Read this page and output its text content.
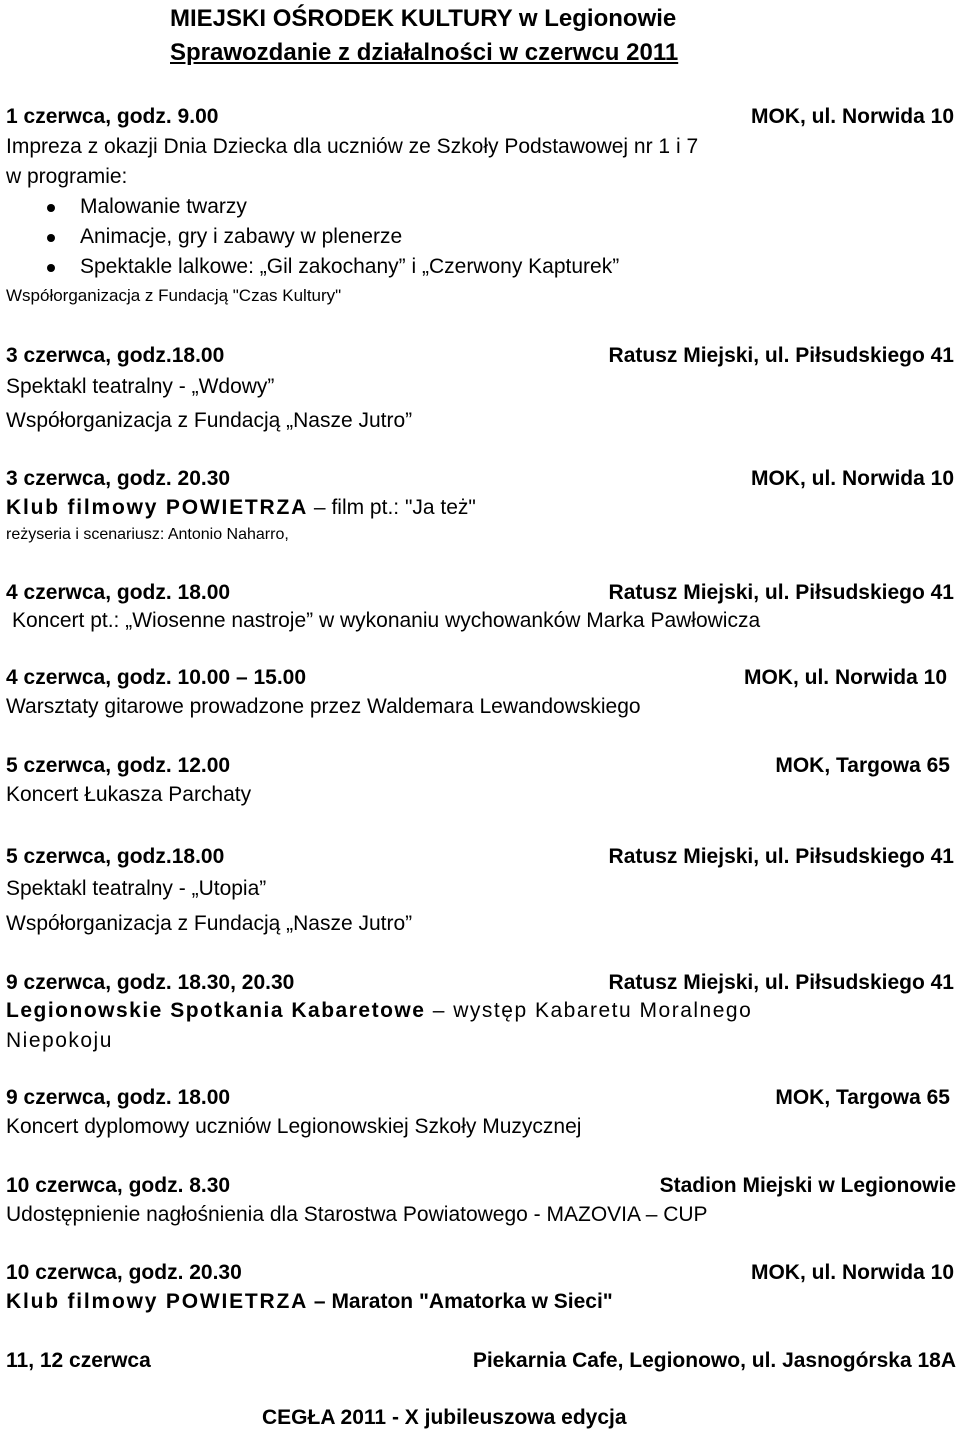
MIEJSKI OŚRODEK KULTURY w Legionowie
Sprawozdanie z działalności w czerwcu 2011
1 czerwca, godz. 9.00	MOK, ul. Norwida 10
Impreza z okazji Dnia Dziecka dla uczniów ze Szkoły Podstawowej nr 1 i 7
w programie:
Malowanie twarzy
Animacje, gry i zabawy w plenerze
Spektakle lalkowe: „Gil zakochany” i „Czerwony Kapturek”
Współorganizacja z Fundacją "Czas Kultury"
3 czerwca, godz.18.00	Ratusz Miejski, ul. Piłsudskiego 41
Spektakl teatralny - „Wdowy”
Współorganizacja z Fundacją „Nasze Jutro”
3 czerwca, godz. 20.30	MOK, ul. Norwida 10
Klub filmowy POWIETRZA – film pt.: "Ja też"
reżyseria i scenariusz: Antonio Naharro,
4 czerwca, godz. 18.00	Ratusz Miejski, ul. Piłsudskiego 41
Koncert pt.: „Wiosenne nastroje” w wykonaniu wychowanków Marka Pawłowicza
4 czerwca, godz. 10.00 – 15.00	MOK, ul. Norwida 10
Warsztaty gitarowe prowadzone przez Waldemara Lewandowskiego
5 czerwca, godz. 12.00	MOK, Targowa 65
Koncert Łukasza Parchaty
5 czerwca, godz.18.00	Ratusz Miejski, ul. Piłsudskiego 41
Spektakl teatralny - „Utopia”
Współorganizacja z Fundacją „Nasze Jutro”
9 czerwca, godz. 18.30, 20.30	Ratusz Miejski, ul. Piłsudskiego 41
Legionowskie Spotkania Kabaretowe – występ Kabaretu Moralnego
Niepokoju
9 czerwca, godz. 18.00	MOK, Targowa 65
Koncert dyplomowy uczniów Legionowskiej Szkoły Muzycznej
10 czerwca, godz. 8.30	Stadion Miejski w Legionowie
Udostępnienie nagłośnienia dla Starostwa Powiatowego - MAZOVIA – CUP
10 czerwca, godz. 20.30	MOK, ul. Norwida 10
Klub filmowy POWIETRZA – Maraton "Amatorka w Sieci"
11, 12 czerwca	Piekarnia Cafe, Legionowo, ul. Jasnogórska 18A
CEGŁA 2011 - X jubileuszowa edycja
